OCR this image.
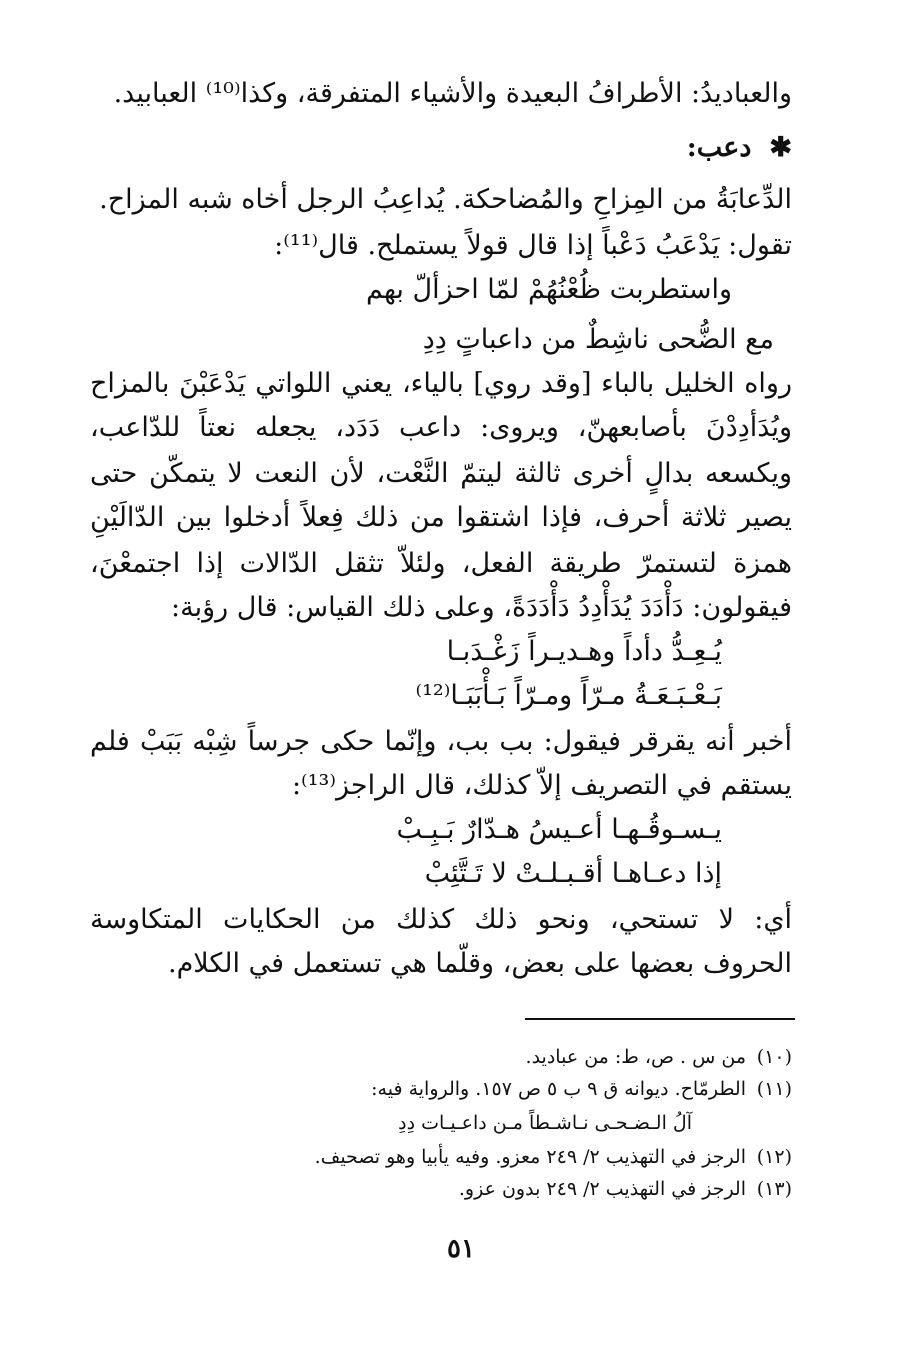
والعباديدُ: الأطرافُ البعيدة والأشياء المتفرقة، وكذا⁽¹⁰⁾ العبابيد.
✱دعب:
الدِّعابَةُ من المِزاحِ والمُضاحكة. يُداعِبُ الرجل أخاه شبه المزاح.
تقول: يَدْعَبُ دَعْباً إذا قال قولاً يستملح. قال⁽¹¹⁾:
واستطربت ظُعْنُهُمْ لمّا احزألّ بهم
مع الضُّحى ناشِطٌ من داعباتٍ دِدِ
رواه الخليل بالباء [وقد روي] بالياء، يعني اللواتي يَدْعَبْنَ بالمزاح
ويُدَأدِدْنَ بأصابعهنّ، ويروى: داعب دَدَد، يجعله نعتاً للدّاعب،
ويكسعه بدالٍ أخرى ثالثة ليتمّ النَّعْت، لأن النعت لا يتمكّن حتى
يصير ثلاثة أحرف، فإذا اشتقوا من ذلك فِعلاً أدخلوا بين الدّالَيْنِ
همزة لتستمرّ طريقة الفعل، ولئلاّ تثقل الدّالات إذا اجتمعْنَ،
فيقولون: دَأْدَدَ يُدَأْدِدُ دَأْدَدَةً، وعلى ذلك القياس: قال رؤبة:
يُـعِـدُّ دأداً وهـديـراً زَغْـدَبـا
بَـعْـبَـعَـةُ مـرّاً ومـرّاً بَـأْبَبَـا⁽¹²⁾
أخبر أنه يقرقر فيقول: بب بب، وإنّما حكى جرساً شِبْه بَبَبْ فلم
يستقم في التصريف إلاّ كذلك، قال الراجز⁽¹³⁾:
يـسـوقُـهـا أعـيسُ هـدّارٌ بَـبِـبْ
إذا دعـاهـا أقـبـلـتْ لا تَـتَّئِبْ
أي: لا تستحي، ونحو ذلك كذلك من الحكايات المتكاوسة
الحروف بعضها على بعض، وقلّما هي تستعمل في الكلام.
(١٠)من س . ص، ط: من عباديد.
(١١)الطرمّاح. ديوانه ق ٩ ب ٥ ص ١٥٧. والرواية فيه:
آلُ الـضـحـى نـاشـطاً مـن داعـيـات دِدِ
(١٢)الرجز في التهذيب ٢/ ٢٤٩ معزو. وفيه يأبيا وهو تصحيف.
(١٣)الرجز في التهذيب ٢/ ٢٤٩ بدون عزو.
٥١
